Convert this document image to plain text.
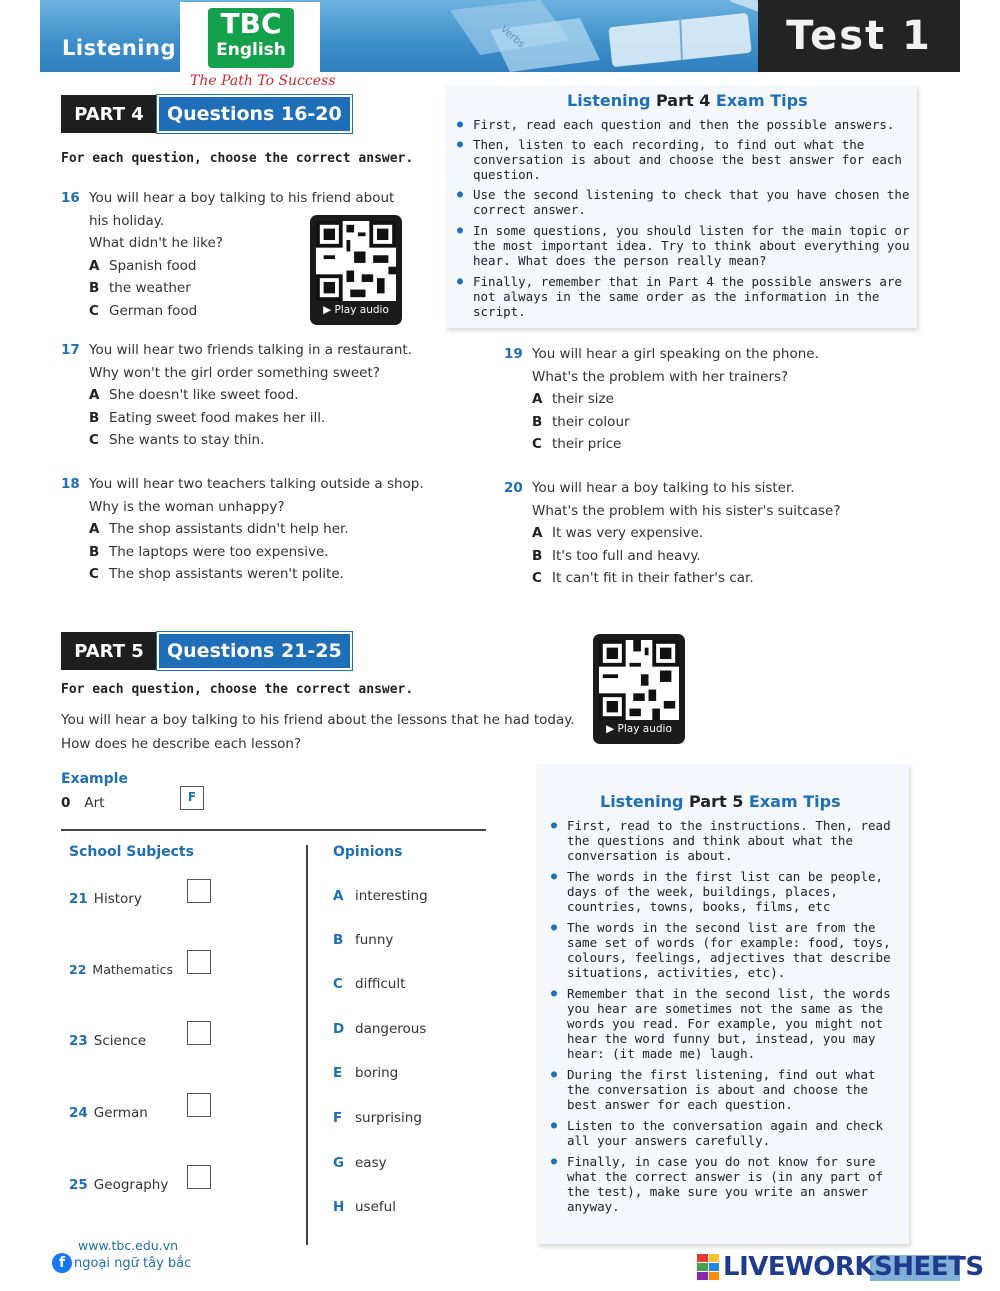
Verbs
Listening
TBC
English	Test 1
The Path To Success
PART 4	Questions 16-20
For each question, choose the correct answer.
16 You will hear a boy talking to his friend about
his holiday.
What didn't he like?
A Spanish food
B the weather
C German food	▶ Play audio
Listening Part 4 Exam Tips
● First, read each question and then the possible answers.
● Then, listen to each recording, to find out what the conversation is about and choose the best answer for each question.
● Use the second listening to check that you have chosen the correct answer.
● In some questions, you should listen for the main topic or the most important idea. Try to think about everything you hear. What does the person really mean?
● Finally, remember that in Part 4 the possible answers are not always in the same order as the information in the script.
17 You will hear two friends talking in a restaurant.
Why won't the girl order something sweet?
A She doesn't like sweet food.
B Eating sweet food makes her ill.
C She wants to stay thin.
18 You will hear two teachers talking outside a shop.
Why is the woman unhappy?
A The shop assistants didn't help her.
B The laptops were too expensive.
C The shop assistants weren't polite.
19 You will hear a girl speaking on the phone.
What's the problem with her trainers?
A their size
B their colour
C their price
20 You will hear a boy talking to his sister.
What's the problem with his sister's suitcase?
A It was very expensive.
B It's too full and heavy.
C It can't fit in their father's car.
PART 5	Questions 21-25
For each question, choose the correct answer.
You will hear a boy talking to his friend about the lessons that he had today.
How does he describe each lesson?
▶ Play audio
Example
0 Art	F
School Subjects	Opinions
21 History
22 Mathematics
23 Science
24 German
25 Geography
A interesting
B funny
C difficult
D dangerous
E boring
F surprising
G easy
H useful
Listening Part 5 Exam Tips
● First, read to the instructions. Then, read the questions and think about what the conversation is about.
● The words in the first list can be people, days of the week, buildings, places, countries, towns, books, films, etc
● The words in the second list are from the same set of words (for example: food, toys, colours, feelings, adjectives that describe situations, activities, etc).
● Remember that in the second list, the words you hear are sometimes not the same as the words you read. For example, you might not hear the word funny but, instead, you may hear: (it made me) laugh.
● During the first listening, find out what the conversation is about and choose the best answer for each question.
● Listen to the conversation again and check all your answers carefully.
● Finally, in case you do not know for sure what the correct answer is (in any part of the test), make sure you write an answer anyway.
www.tbc.edu.vn
f ngoại ngữ tây bắc	LIVEWORKSHEETS
